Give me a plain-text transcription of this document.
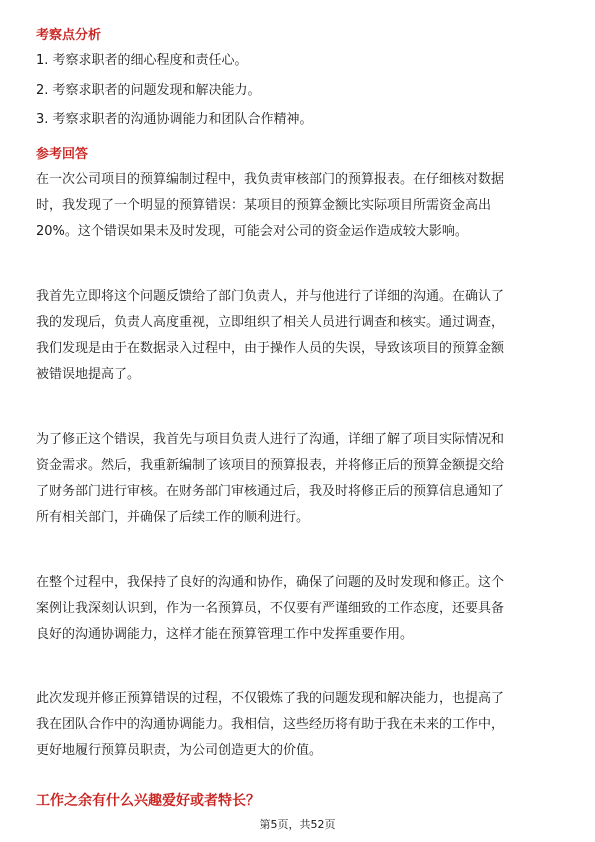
考察点分析
1. 考察求职者的细心程度和责任心。
2. 考察求职者的问题发现和解决能力。
3. 考察求职者的沟通协调能力和团队合作精神。
参考回答
在一次公司项目的预算编制过程中，我负责审核部门的预算报表。在仔细核对数据
时，我发现了一个明显的预算错误：某项目的预算金额比实际项目所需资金高出
20%。这个错误如果未及时发现，可能会对公司的资金运作造成较大影响。
我首先立即将这个问题反馈给了部门负责人，并与他进行了详细的沟通。在确认了
我的发现后，负责人高度重视，立即组织了相关人员进行调查和核实。通过调查，
我们发现是由于在数据录入过程中，由于操作人员的失误，导致该项目的预算金额
被错误地提高了。
为了修正这个错误，我首先与项目负责人进行了沟通，详细了解了项目实际情况和
资金需求。然后，我重新编制了该项目的预算报表，并将修正后的预算金额提交给
了财务部门进行审核。在财务部门审核通过后，我及时将修正后的预算信息通知了
所有相关部门，并确保了后续工作的顺利进行。
在整个过程中，我保持了良好的沟通和协作，确保了问题的及时发现和修正。这个
案例让我深刻认识到，作为一名预算员，不仅要有严谨细致的工作态度，还要具备
良好的沟通协调能力，这样才能在预算管理工作中发挥重要作用。
此次发现并修正预算错误的过程，不仅锻炼了我的问题发现和解决能力，也提高了
我在团队合作中的沟通协调能力。我相信，这些经历将有助于我在未来的工作中，
更好地履行预算员职责，为公司创造更大的价值。
工作之余有什么兴趣爱好或者特长？
第5页，共52页
